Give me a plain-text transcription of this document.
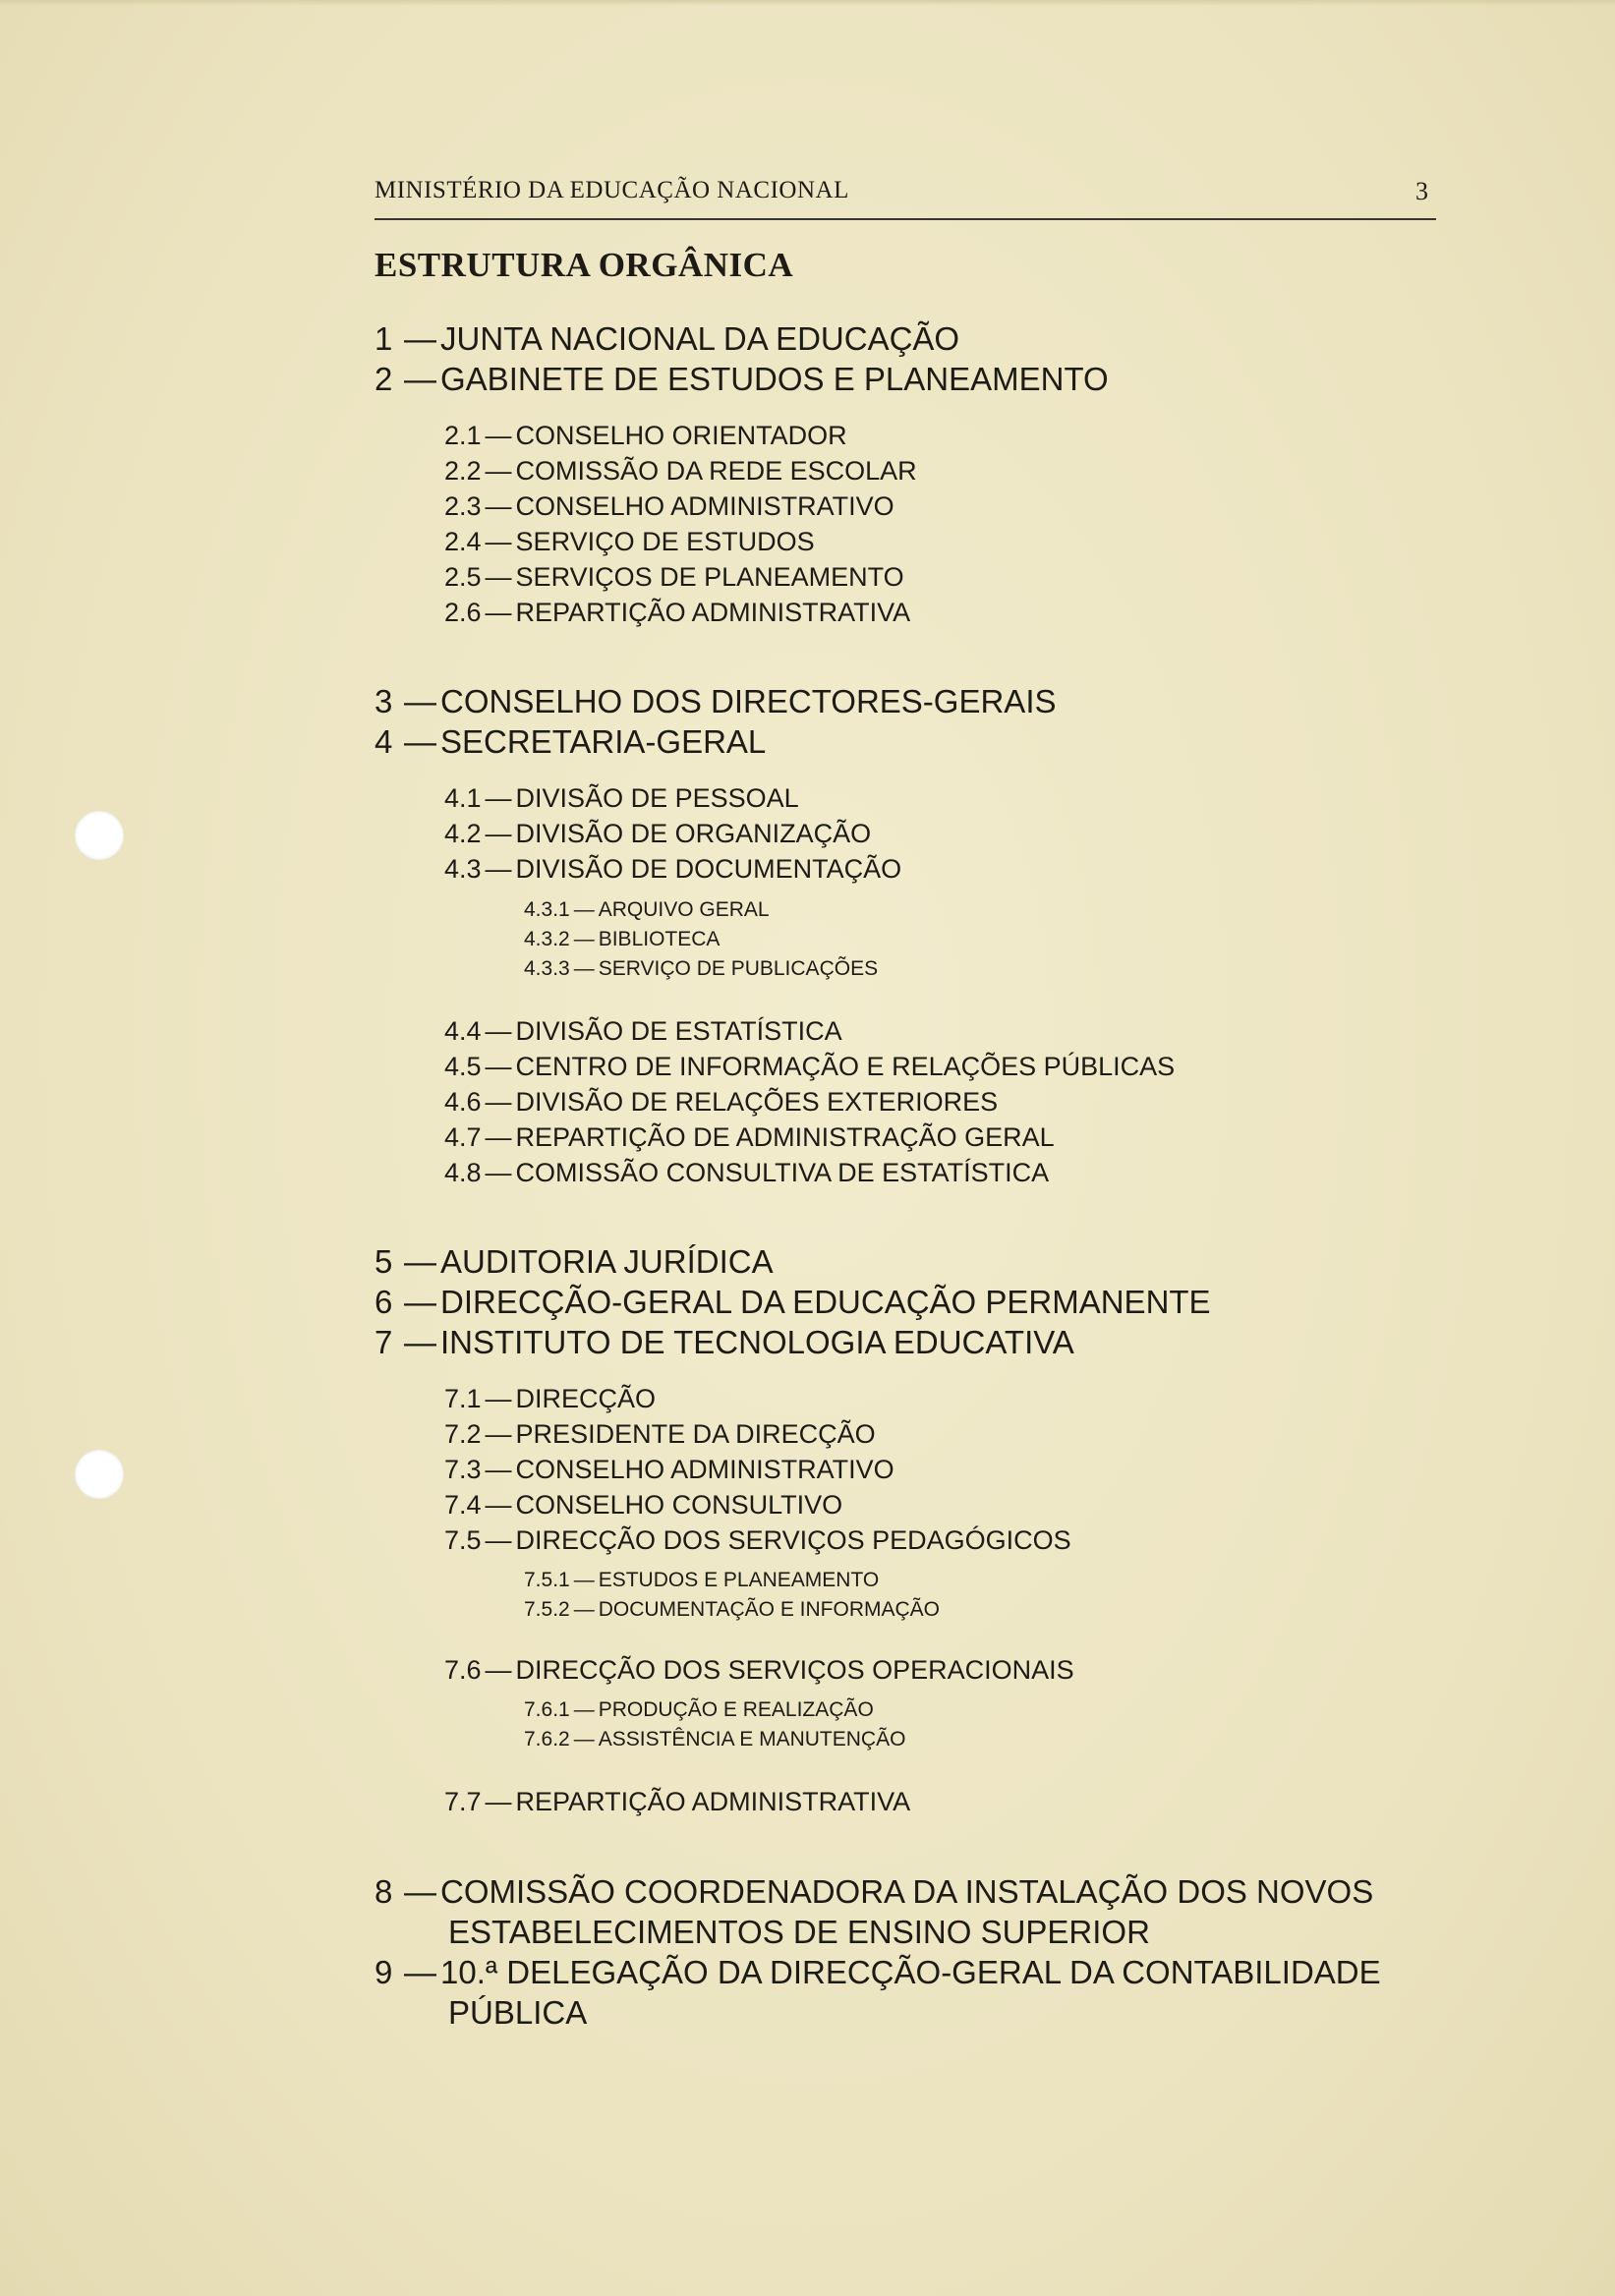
MINISTÉRIO DA EDUCAÇÃO NACIONAL	3
ESTRUTURA ORGÂNICA
1 — JUNTA NACIONAL DA EDUCAÇÃO
2 — GABINETE DE ESTUDOS E PLANEAMENTO
2.1 — CONSELHO ORIENTADOR
2.2 — COMISSÃO DA REDE ESCOLAR
2.3 — CONSELHO ADMINISTRATIVO
2.4 — SERVIÇO DE ESTUDOS
2.5 — SERVIÇOS DE PLANEAMENTO
2.6 — REPARTIÇÃO ADMINISTRATIVA
3 — CONSELHO DOS DIRECTORES-GERAIS
4 — SECRETARIA-GERAL
4.1 — DIVISÃO DE PESSOAL
4.2 — DIVISÃO DE ORGANIZAÇÃO
4.3 — DIVISÃO DE DOCUMENTAÇÃO
4.3.1 — ARQUIVO GERAL
4.3.2 — BIBLIOTECA
4.3.3 — SERVIÇO DE PUBLICAÇÕES
4.4 — DIVISÃO DE ESTATÍSTICA
4.5 — CENTRO DE INFORMAÇÃO E RELAÇÕES PÚBLICAS
4.6 — DIVISÃO DE RELAÇÕES EXTERIORES
4.7 — REPARTIÇÃO DE ADMINISTRAÇÃO GERAL
4.8 — COMISSÃO CONSULTIVA DE ESTATÍSTICA
5 — AUDITORIA JURÍDICA
6 — DIRECÇÃO-GERAL DA EDUCAÇÃO PERMANENTE
7 — INSTITUTO DE TECNOLOGIA EDUCATIVA
7.1 — DIRECÇÃO
7.2 — PRESIDENTE DA DIRECÇÃO
7.3 — CONSELHO ADMINISTRATIVO
7.4 — CONSELHO CONSULTIVO
7.5 — DIRECÇÃO DOS SERVIÇOS PEDAGÓGICOS
7.5.1 — ESTUDOS E PLANEAMENTO
7.5.2 — DOCUMENTAÇÃO E INFORMAÇÃO
7.6 — DIRECÇÃO DOS SERVIÇOS OPERACIONAIS
7.6.1 — PRODUÇÃO E REALIZAÇÃO
7.6.2 — ASSISTÊNCIA E MANUTENÇÃO
7.7 — REPARTIÇÃO ADMINISTRATIVA
8 — COMISSÃO COORDENADORA DA INSTALAÇÃO DOS NOVOS
ESTABELECIMENTOS DE ENSINO SUPERIOR
9 — 10.ª DELEGAÇÃO DA DIRECÇÃO-GERAL DA CONTABILIDADE
PÚBLICA
